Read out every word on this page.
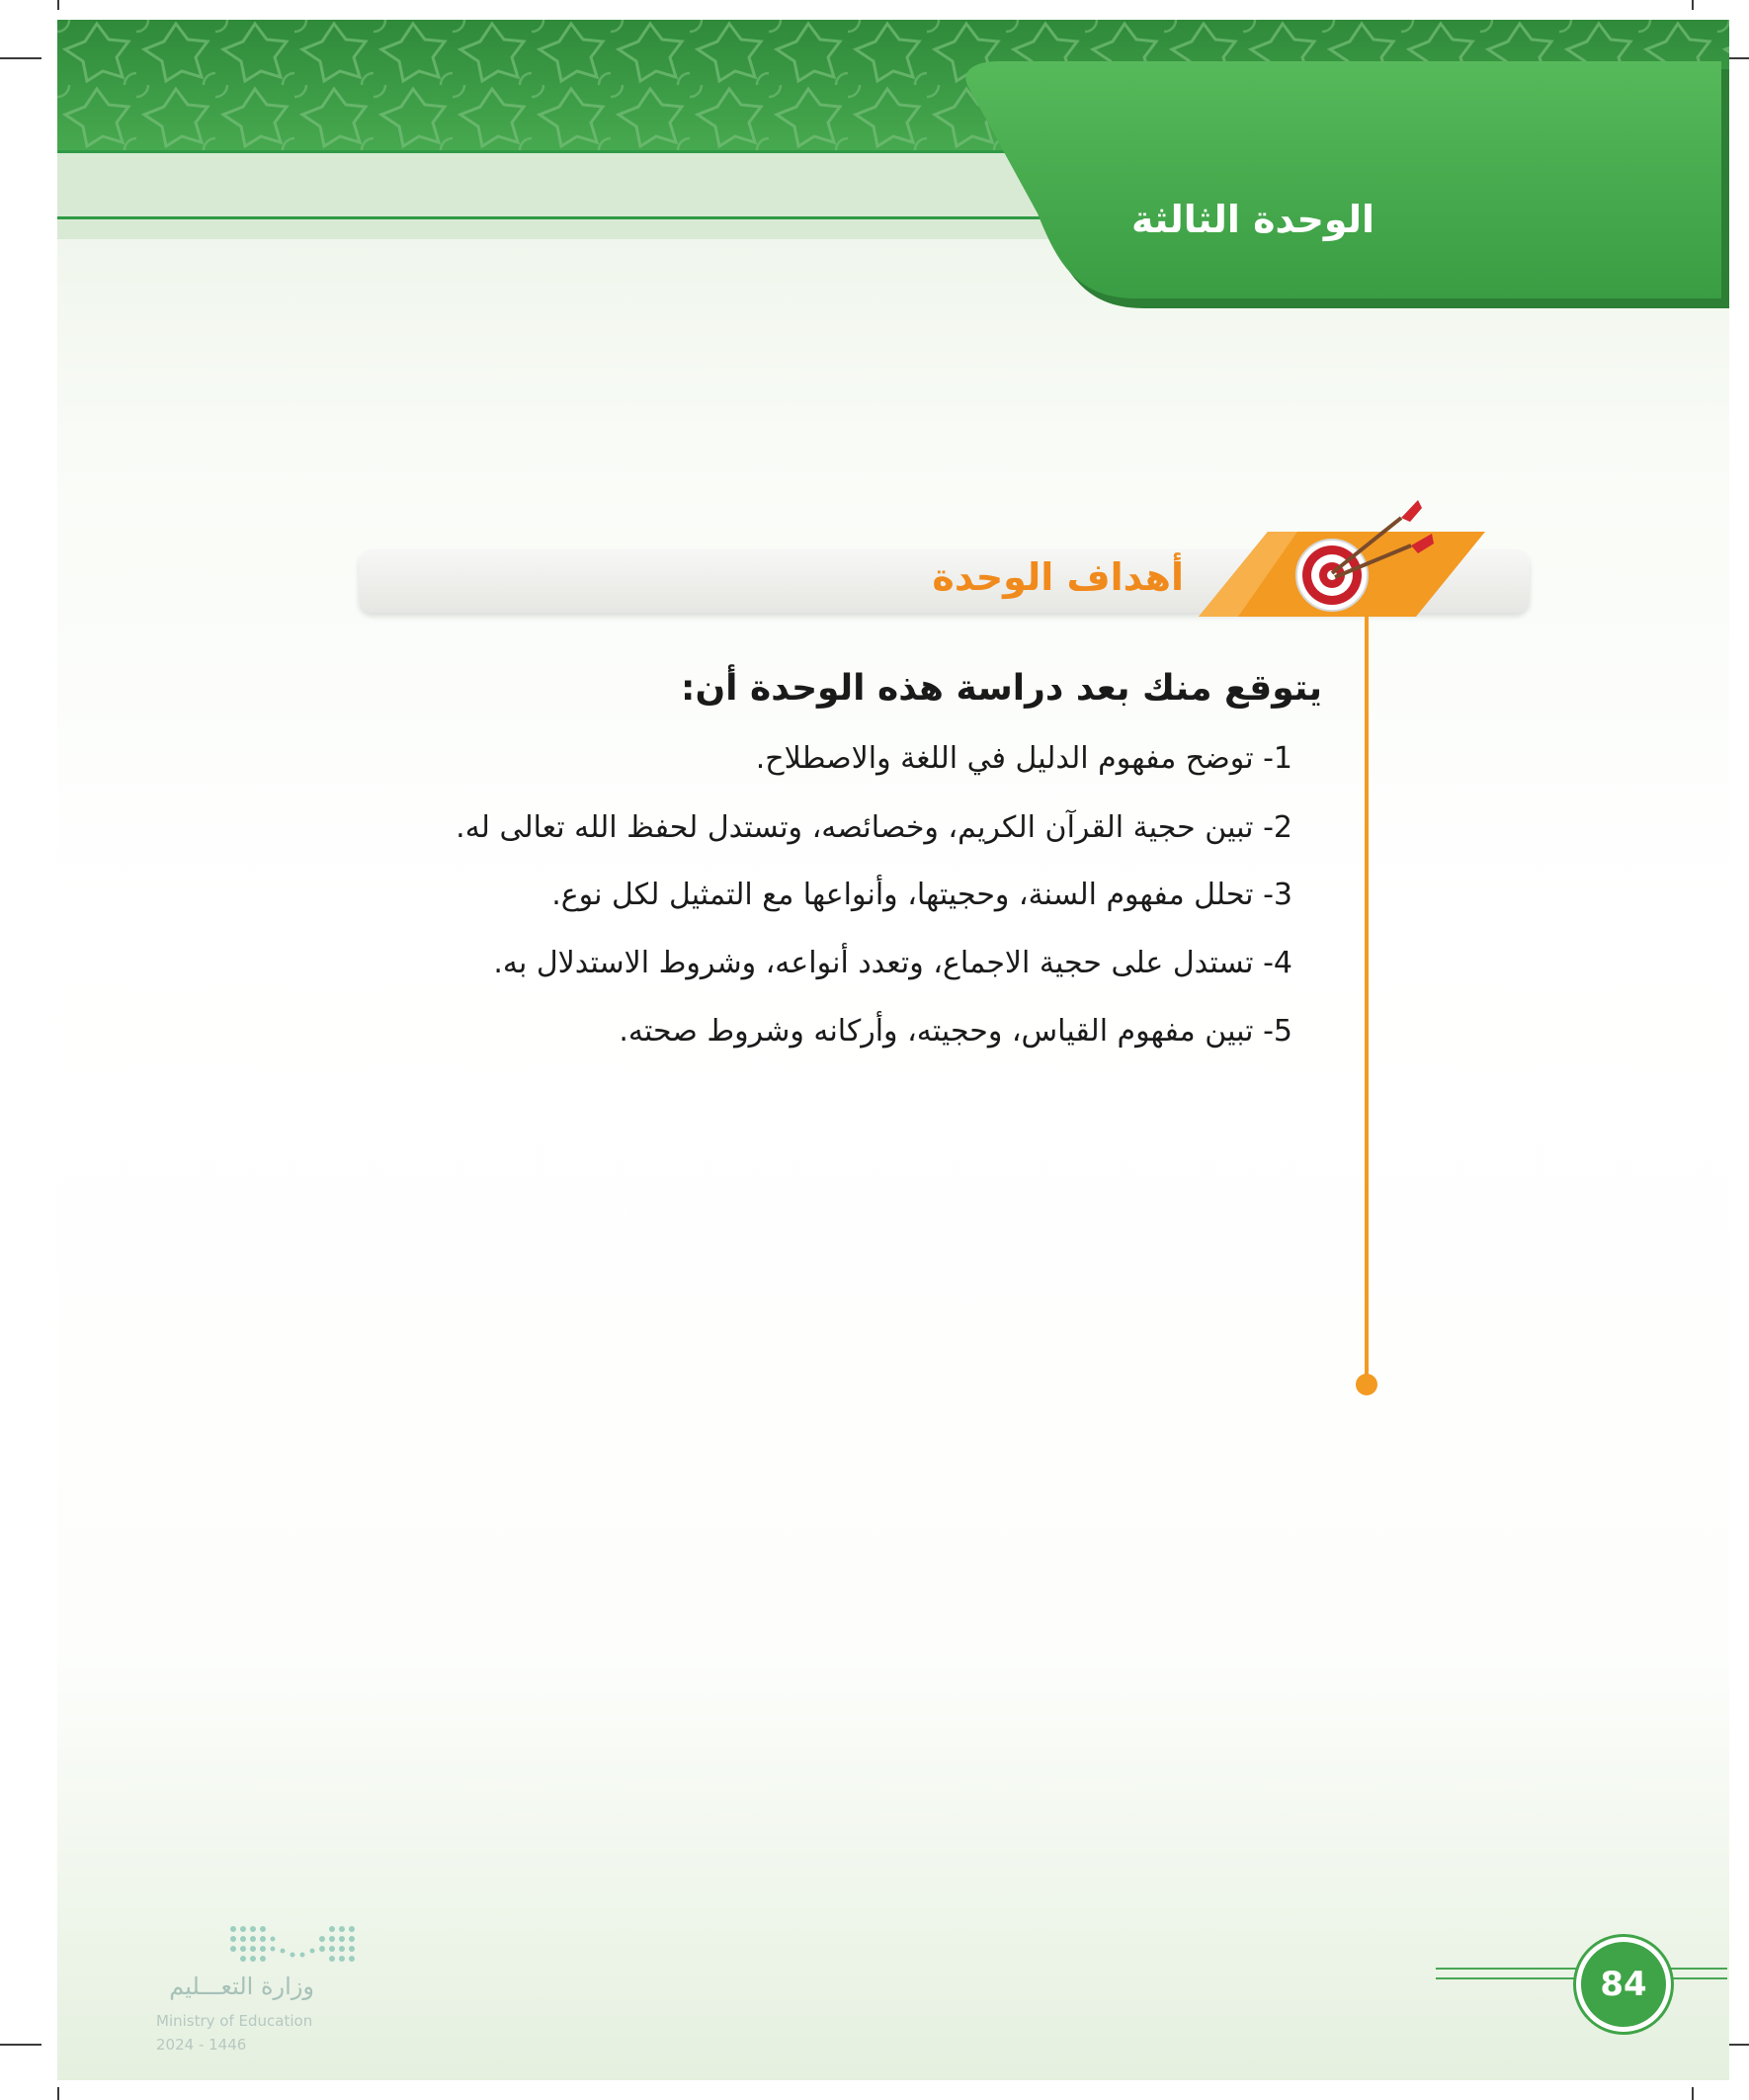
الوحدة الثالثة
أهداف الوحدة
يتوقع منك بعد دراسة هذه الوحدة أن:
1- توضح مفهوم الدليل في اللغة والاصطلاح.
2- تبين حجية القرآن الكريم، وخصائصه، وتستدل لحفظ الله تعالى له.
3- تحلل مفهوم السنة، وحجيتها، وأنواعها مع التمثيل لكل نوع.
4- تستدل على حجية الاجماع، وتعدد أنواعه، وشروط الاستدلال به.
5- تبين مفهوم القياس، وحجيته، وأركانه وشروط صحته.
84
وزارة التعـــليم
Ministry of Education
2024 - 1446
